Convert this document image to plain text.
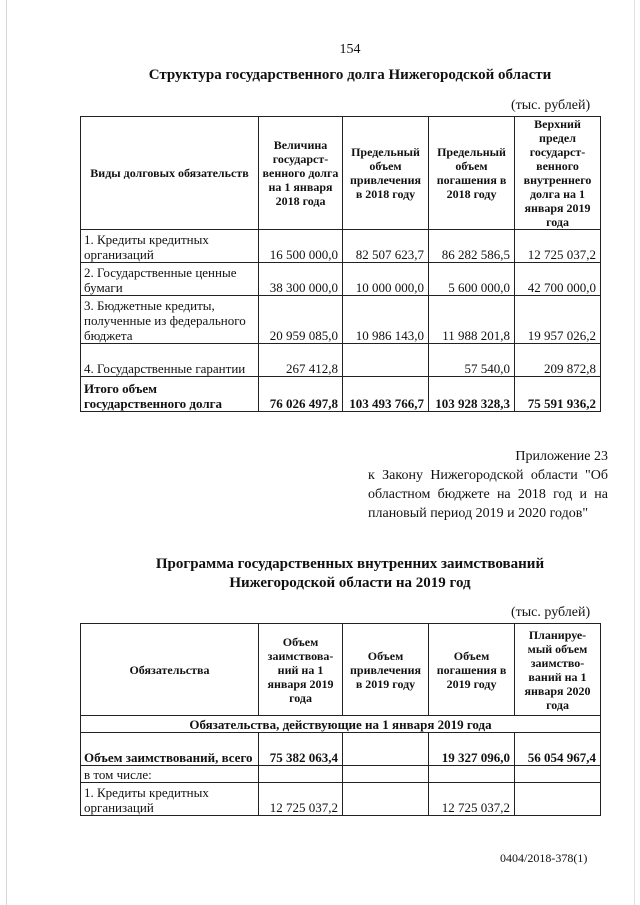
154
Структура государственного долга Нижегородской области
(тыс. рублей)
Виды долговых обязательств	Величина государст-венного долга на 1 января 2018 года	Предельный объем привлечения в 2018 году	Предельный объем погашения в 2018 году	Верхний предел государст-венного внутреннего долга на 1 января 2019 года
1. Кредиты кредитных организаций	16 500 000,0	82 507 623,7	86 282 586,5	12 725 037,2
2. Государственные ценные бумаги	38 300 000,0	10 000 000,0	5 600 000,0	42 700 000,0
3. Бюджетные кредиты, полученные из федерального бюджета	20 959 085,0	10 986 143,0	11 988 201,8	19 957 026,2
4. Государственные гарантии	267 412,8		57 540,0	209 872,8
Итого объем государственного долга	76 026 497,8	103 493 766,7	103 928 328,3	75 591 936,2
Приложение 23
к Закону Нижегородской области "Об областном бюджете на 2018 год и на плановый период 2019 и 2020 годов"
Программа государственных внутренних заимствований
Нижегородской области на 2019 год
(тыс. рублей)
Обязательства	Объем заимствова-ний на 1 января 2019 года	Объем привлечения в 2019 году	Объем погашения в 2019 году	Планируе-мый объем заимство-ваний на 1 января 2020 года
Обязательства, действующие на 1 января 2019 года				
Объем заимствований, всего	75 382 063,4		19 327 096,0	56 054 967,4
в том числе:				
1. Кредиты кредитных организаций	12 725 037,2		12 725 037,2	
0404/2018-378(1)
